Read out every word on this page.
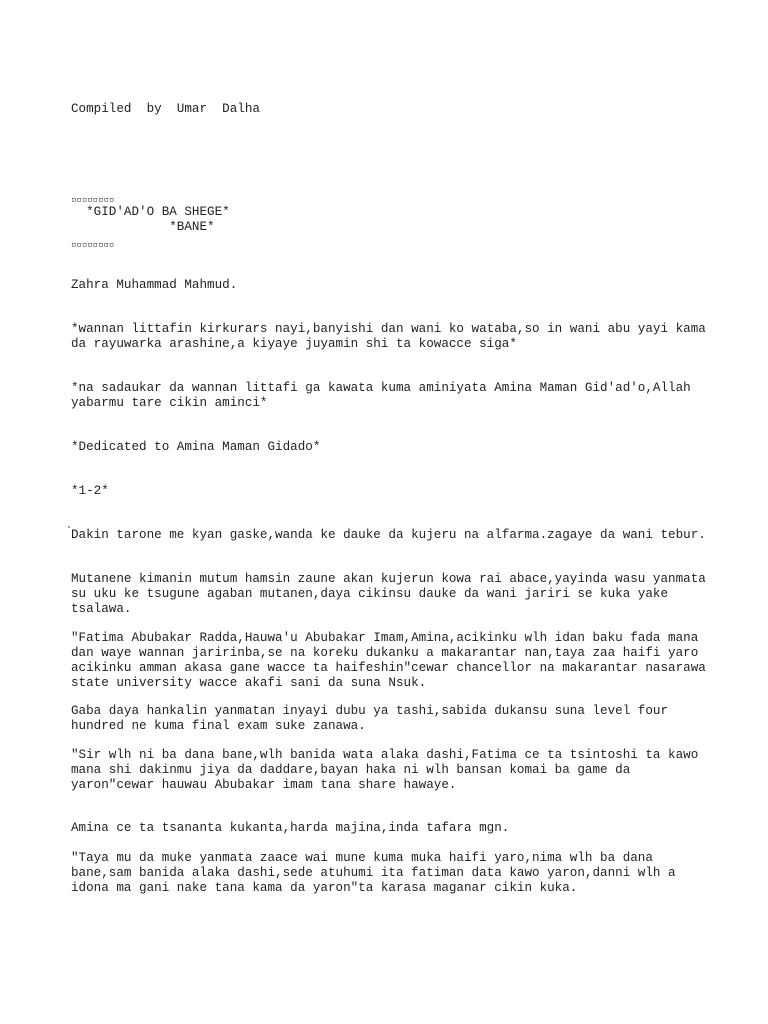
Compiled  by  Umar  Dalha

▫▫▫▫▫▫▫▫

*GID'AD'O BA SHEGE*

*BANE*

▫▫▫▫▫▫▫▫

Zahra Muhammad Mahmud.

*wannan littafin kirkurars nayi,banyishi dan wani ko wataba,so in wani abu yayi kama da rayuwarka arashine,a kiyaye juyamin shi ta kowacce siga*

*na sadaukar da wannan littafi ga kawata kuma aminiyata Amina Maman Gid'ad'o,Allah yabarmu tare cikin aminci*

*Dedicated to Amina Maman Gidado*

*1-2*

̀Dakin tarone me kyan gaske,wanda ke dauke da kujeru na alfarma.zagaye da wani tebur.

Mutanene kimanin mutum hamsin zaune akan kujerun kowa rai abace,yayinda wasu yanmata su uku ke tsugune agaban mutanen,daya cikinsu dauke da wani jariri se kuka yake tsalawa.

"Fatima Abubakar Radda,Hauwa'u Abubakar Imam,Amina,acikinku wlh idan baku fada mana dan waye wannan jaririnba,se na koreku dukanku a makarantar nan,taya zaa haifi yaro acikinku amman akasa gane wacce ta haifeshin"cewar chancellor na makarantar nasarawa state university wacce akafi sani da suna Nsuk.

Gaba daya hankalin yanmatan inyayi dubu ya tashi,sabida dukansu suna level four hundred ne kuma final exam suke zanawa.

"Sir wlh ni ba dana bane,wlh banida wata alaka dashi,Fatima ce ta tsintoshi ta kawo mana shi dakinmu jiya da daddare,bayan haka ni wlh bansan komai ba game da yaron"cewar hauwau Abubakar imam tana share hawaye.

Amina ce ta tsananta kukanta,harda majina,inda tafara mgn.

"Taya mu da muke yanmata zaace wai mune kuma muka haifi yaro,nima wlh ba dana bane,sam banida alaka dashi,sede atuhumi ita fatiman data kawo yaron,danni wlh a idona ma gani nake tana kama da yaron"ta karasa maganar cikin kuka.
